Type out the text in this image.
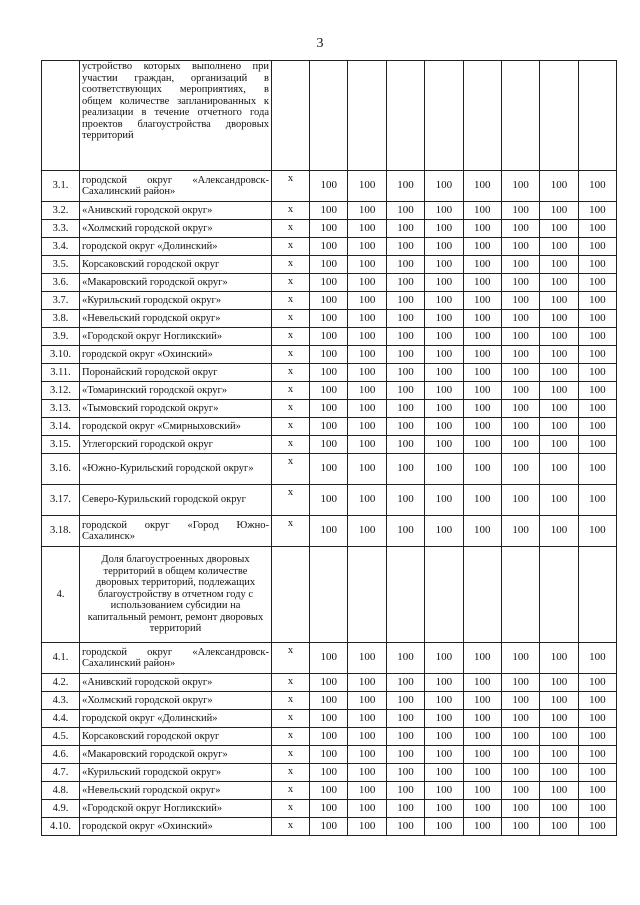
3
	устройство которых выполнено при участии граждан, организаций в соответствующих мероприятиях, в общем количестве запланированных к реализации в течение отчетного года проектов благоустройства дворовых территорий									
3.1.	городской округ «Александровск-Сахалинский район»	x	100	100	100	100	100	100	100	100
3.2.	«Анивский городской округ»	x	100	100	100	100	100	100	100	100
3.3.	«Холмский городской округ»	x	100	100	100	100	100	100	100	100
3.4.	городской округ «Долинский»	x	100	100	100	100	100	100	100	100
3.5.	Корсаковский городской округ	x	100	100	100	100	100	100	100	100
3.6.	«Макаровский городской округ»	x	100	100	100	100	100	100	100	100
3.7.	«Курильский городской округ»	x	100	100	100	100	100	100	100	100
3.8.	«Невельский городской округ»	x	100	100	100	100	100	100	100	100
3.9.	«Городской округ Ногликский»	x	100	100	100	100	100	100	100	100
3.10.	городской округ «Охинский»	x	100	100	100	100	100	100	100	100
3.11.	Поронайский городской округ	x	100	100	100	100	100	100	100	100
3.12.	«Томаринский городской округ»	x	100	100	100	100	100	100	100	100
3.13.	«Тымовский городской округ»	x	100	100	100	100	100	100	100	100
3.14.	городской округ «Смирныховский»	x	100	100	100	100	100	100	100	100
3.15.	Углегорский городской округ	x	100	100	100	100	100	100	100	100
3.16.	«Южно-Курильский городской округ»	x	100	100	100	100	100	100	100	100
3.17.	Северо-Курильский городской округ	x	100	100	100	100	100	100	100	100
3.18.	городской округ «Город Южно-Сахалинск»	x	100	100	100	100	100	100	100	100
4.	Доля благоустроенных дворовых территорий в общем количестве дворовых территорий, подлежащих благоустройству в отчетном году с использованием субсидии на капитальный ремонт, ремонт дворовых территорий									
4.1.	городской округ «Александровск-Сахалинский район»	x	100	100	100	100	100	100	100	100
4.2.	«Анивский городской округ»	x	100	100	100	100	100	100	100	100
4.3.	«Холмский городской округ»	x	100	100	100	100	100	100	100	100
4.4.	городской округ «Долинский»	x	100	100	100	100	100	100	100	100
4.5.	Корсаковский городской округ	x	100	100	100	100	100	100	100	100
4.6.	«Макаровский городской округ»	x	100	100	100	100	100	100	100	100
4.7.	«Курильский городской округ»	x	100	100	100	100	100	100	100	100
4.8.	«Невельский городской округ»	x	100	100	100	100	100	100	100	100
4.9.	«Городской округ Ногликский»	x	100	100	100	100	100	100	100	100
4.10.	городской округ «Охинский»	x	100	100	100	100	100	100	100	100
